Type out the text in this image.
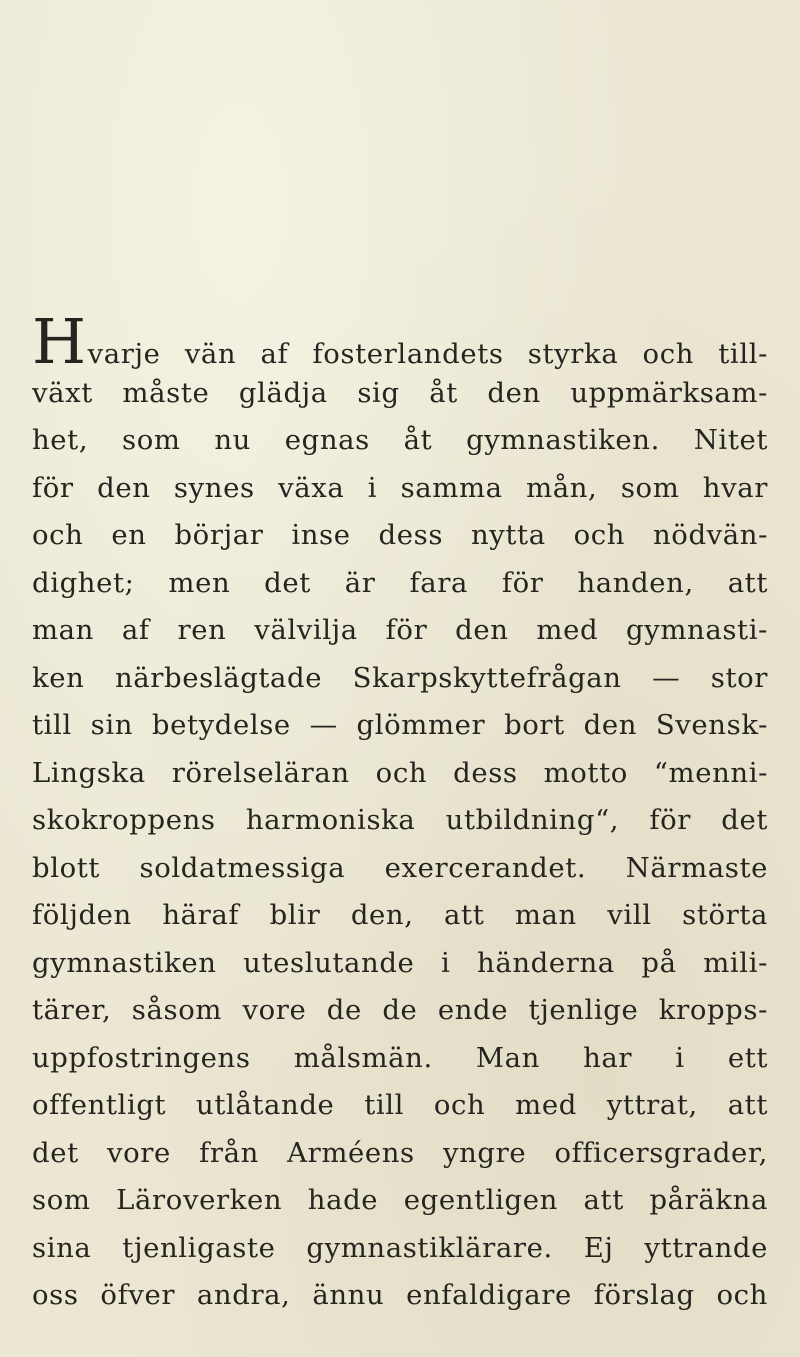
H varje vän af fosterlandets styrka och till-
växt måste glädja sig åt den uppmärksam-
het, som nu egnas åt gymnastiken. Nitet
för den synes växa i samma mån, som hvar
och en börjar inse dess nytta och nödvän-
dighet; men det är fara för handen, att
man af ren välvilja för den med gymnasti-
ken närbeslägtade Skarpskyttefrågan — stor
till sin betydelse — glömmer bort den Svensk-
Lingska rörelseläran och dess motto “menni-
skokroppens harmoniska utbildning“, för det
blott soldatmessiga exercerandet. Närmaste
följden häraf blir den, att man vill störta
gymnastiken uteslutande i händerna på mili-
tärer, såsom vore de de ende tjenlige kropps-
uppfostringens målsmän. Man har i ett
offentligt utlåtande till och med yttrat, att
det vore från Arméens yngre officersgrader,
som Läroverken hade egentligen att påräkna
sina tjenligaste gymnastiklärare. Ej yttrande
oss öfver andra, ännu enfaldigare förslag och
